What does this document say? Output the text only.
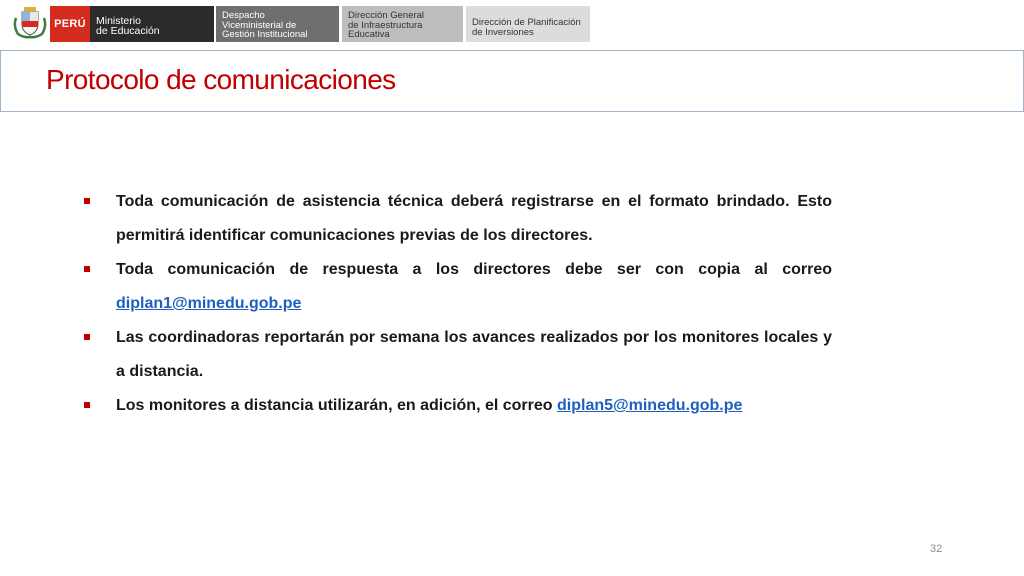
PERÚ Ministerio
de Educación
Despacho
Viceministerial de
Gestión Institucional
Dirección General
de Infraestructura
Educativa
Dirección de Planificación
de Inversiones
Protocolo de comunicaciones
Toda comunicación de asistencia técnica deberá registrarse en el formato brindado. Esto permitirá identificar comunicaciones previas de los directores.
Toda comunicación de respuesta a los directores debe ser con copia al correo diplan1@minedu.gob.pe
Las coordinadoras reportarán por semana los avances realizados por los monitores locales y a distancia.
Los monitores a distancia utilizarán, en adición, el correo diplan5@minedu.gob.pe
32
